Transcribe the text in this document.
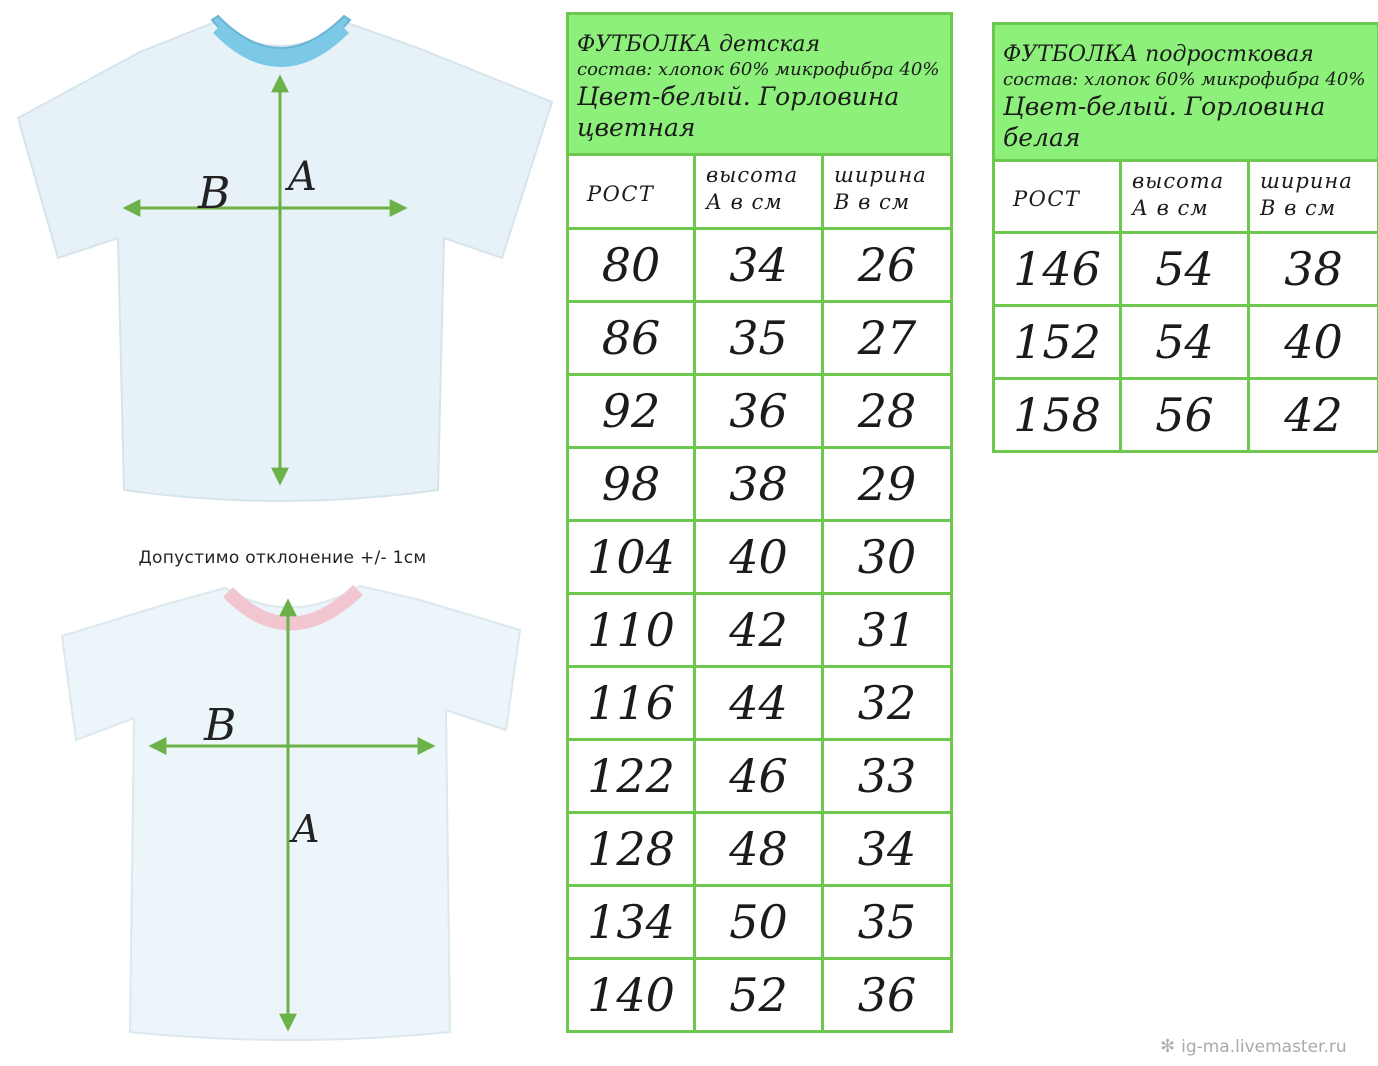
B A
Допустимо отклонение +/- 1см
B
A
ФУТБОЛКА детская
состав: хлопок 60% микрофибра 40%
Цвет-белый. Горловина цветная		

РОСТ	высота А в см	ширина В в см
80	34	26
86	35	27
92	36	28
98	38	29
104	40	30
110	42	31
116	44	32
122	46	33
128	48	34
134	50	35
140	52	36
ФУТБОЛКА подростковая
состав: хлопок 60% микрофибра 40%
Цвет-белый. Горловина белая		

РОСТ	высота А в см	ширина В в см
146	54	38
152	54	40
158	56	42
✻ ig-ma.livemaster.ru
